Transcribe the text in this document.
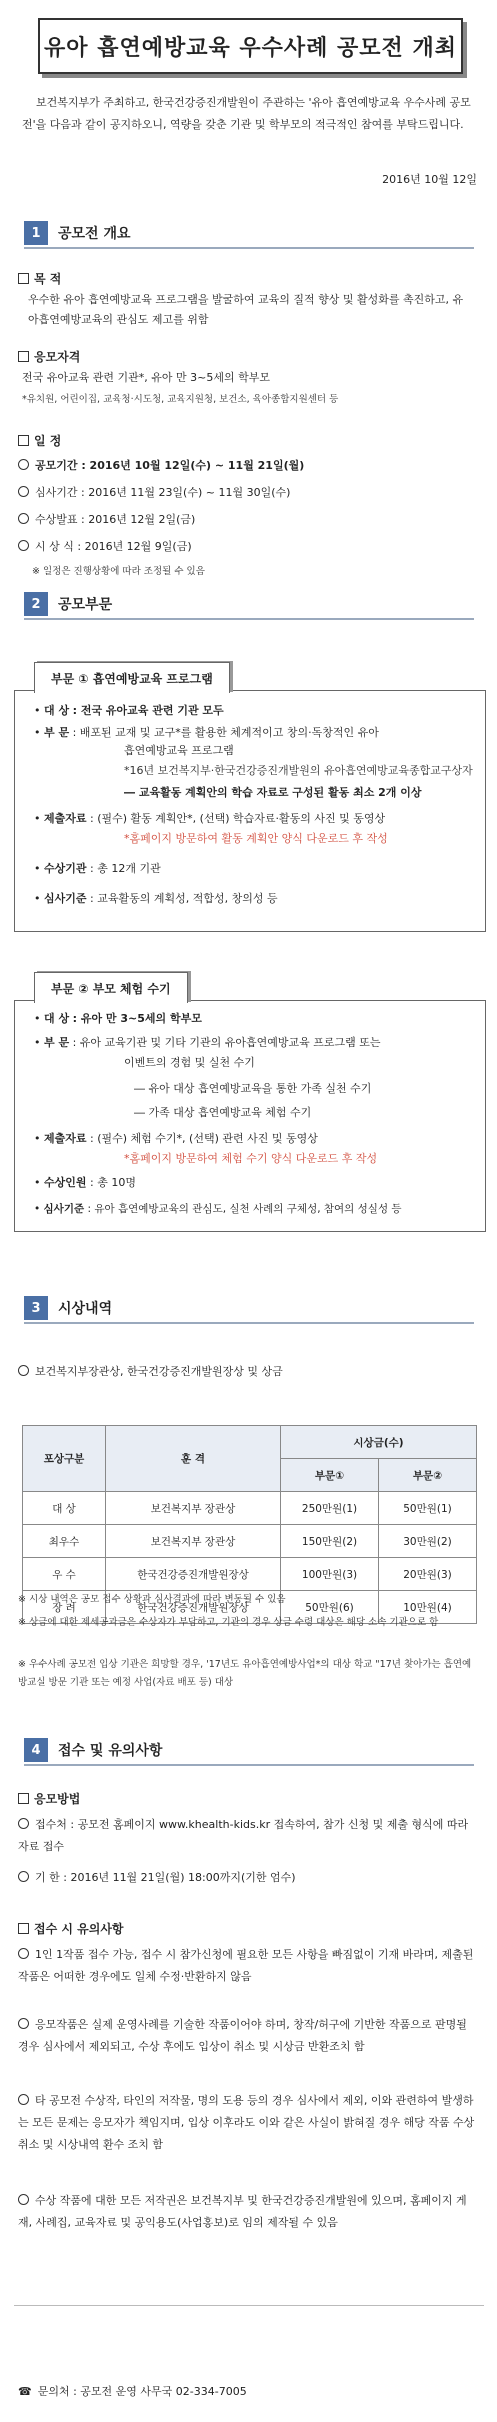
유아 흡연예방교육 우수사례 공모전 개최
보건복지부가 주최하고, 한국건강증진개발원이 주관하는 '유아 흡연예방교육 우수사례 공모전'을 다음과 같이 공지하오니, 역량을 갖춘 기관 및 학부모의 적극적인 참여를 부탁드립니다.
2016년 10월 12일
1	공모전 개요
목 적
우수한 유아 흡연예방교육 프로그램을 발굴하여 교육의 질적 향상 및 활성화를 촉진하고, 유아흡연예방교육의 관심도 제고를 위함
응모자격
전국 유아교육 관련 기관*, 유아 만 3~5세의 학부모
*유치원, 어린이집, 교육청·시도청, 교육지원청, 보건소, 육아종합지원센터 등
일 정
공모기간 : 2016년 10월 12일(수) ~ 11월 21일(월)
심사기간 : 2016년 11월 23일(수) ~ 11월 30일(수)
수상발표 : 2016년 12월 2일(금)
시 상 식 : 2016년 12월 9일(금)
※ 일정은 진행상황에 따라 조정될 수 있음
2	공모부문
부문 ① 흡연예방교육 프로그램
• 대 상 : 전국 유아교육 관련 기관 모두
• 부 문 : 배포된 교재 및 교구*를 활용한 체계적이고 창의·독창적인 유아
흡연예방교육 프로그램
*16년 보건복지부·한국건강증진개발원의 유아흡연예방교육종합교구상자
― 교육활동 계획안의 학습 자료로 구성된 활동 최소 2개 이상
• 제출자료 : (필수) 활동 계획안*, (선택) 학습자료·활동의 사진 및 동영상
*홈페이지 방문하여 활동 계획안 양식 다운로드 후 작성
• 수상기관 : 총 12개 기관
• 심사기준 : 교육활동의 계획성, 적합성, 창의성 등
부문 ② 부모 체험 수기
• 대 상 : 유아 만 3~5세의 학부모
• 부 문 : 유아 교육기관 및 기타 기관의 유아흡연예방교육 프로그램 또는
이벤트의 경험 및 실천 수기
― 유아 대상 흡연예방교육을 통한 가족 실천 수기
― 가족 대상 흡연예방교육 체험 수기
• 제출자료 : (필수) 체험 수기*, (선택) 관련 사진 및 동영상
*홈페이지 방문하여 체험 수기 양식 다운로드 후 작성
• 수상인원 : 총 10명
• 심사기준 : 유아 흡연예방교육의 관심도, 실천 사례의 구체성, 참여의 성실성 등
3	시상내역
보건복지부장관상, 한국건강증진개발원장상 및 상금
포상구분	훈 격	시상금(수)	
		부문①	부문②
대 상	보건복지부 장관상	250만원(1)	50만원(1)
최우수	보건복지부 장관상	150만원(2)	30만원(2)
우 수	한국건강증진개발원장상	100만원(3)	20만원(3)
장 려	한국건강증진개발원장상	50만원(6)	10만원(4)
※ 시상 내역은 공모 접수 상황과 심사결과에 따라 변동될 수 있음
※ 상금에 대한 제세공과금은 수상자가 부담하고, 기관의 경우 상금 수령 대상은 해당 소속 기관으로 함
※ 우수사례 공모전 입상 기관은 희망할 경우, '17년도 유아흡연예방사업*의 대상 학교 "17년 찾아가는 흡연예방교실 방문 기관 또는 예정 사업(자료 배포 등) 대상
4	접수 및 유의사항
응모방법
접수처 : 공모전 홈페이지 www.khealth-kids.kr 접속하여, 참가 신청 및 제출 형식에 따라 자료 접수
기 한 : 2016년 11월 21일(월) 18:00까지(기한 엄수)
접수 시 유의사항
1인 1작품 접수 가능, 접수 시 참가신청에 필요한 모든 사항을 빠짐없이 기재 바라며, 제출된 작품은 어떠한 경우에도 일체 수정·반환하지 않음
응모작품은 실제 운영사례를 기술한 작품이어야 하며, 창작/허구에 기반한 작품으로 판명될 경우 심사에서 제외되고, 수상 후에도 입상이 취소 및 시상금 반환조치 함
타 공모전 수상작, 타인의 저작물, 명의 도용 등의 경우 심사에서 제외, 이와 관련하여 발생하는 모든 문제는 응모자가 책임지며, 입상 이후라도 이와 같은 사실이 밝혀질 경우 해당 작품 수상 취소 및 시상내역 환수 조치 함
수상 작품에 대한 모든 저작권은 보건복지부 및 한국건강증진개발원에 있으며, 홈페이지 게재, 사례집, 교육자료 및 공익용도(사업홍보)로 임의 제작될 수 있음
☎ 문의처 : 공모전 운영 사무국 02-334-7005
